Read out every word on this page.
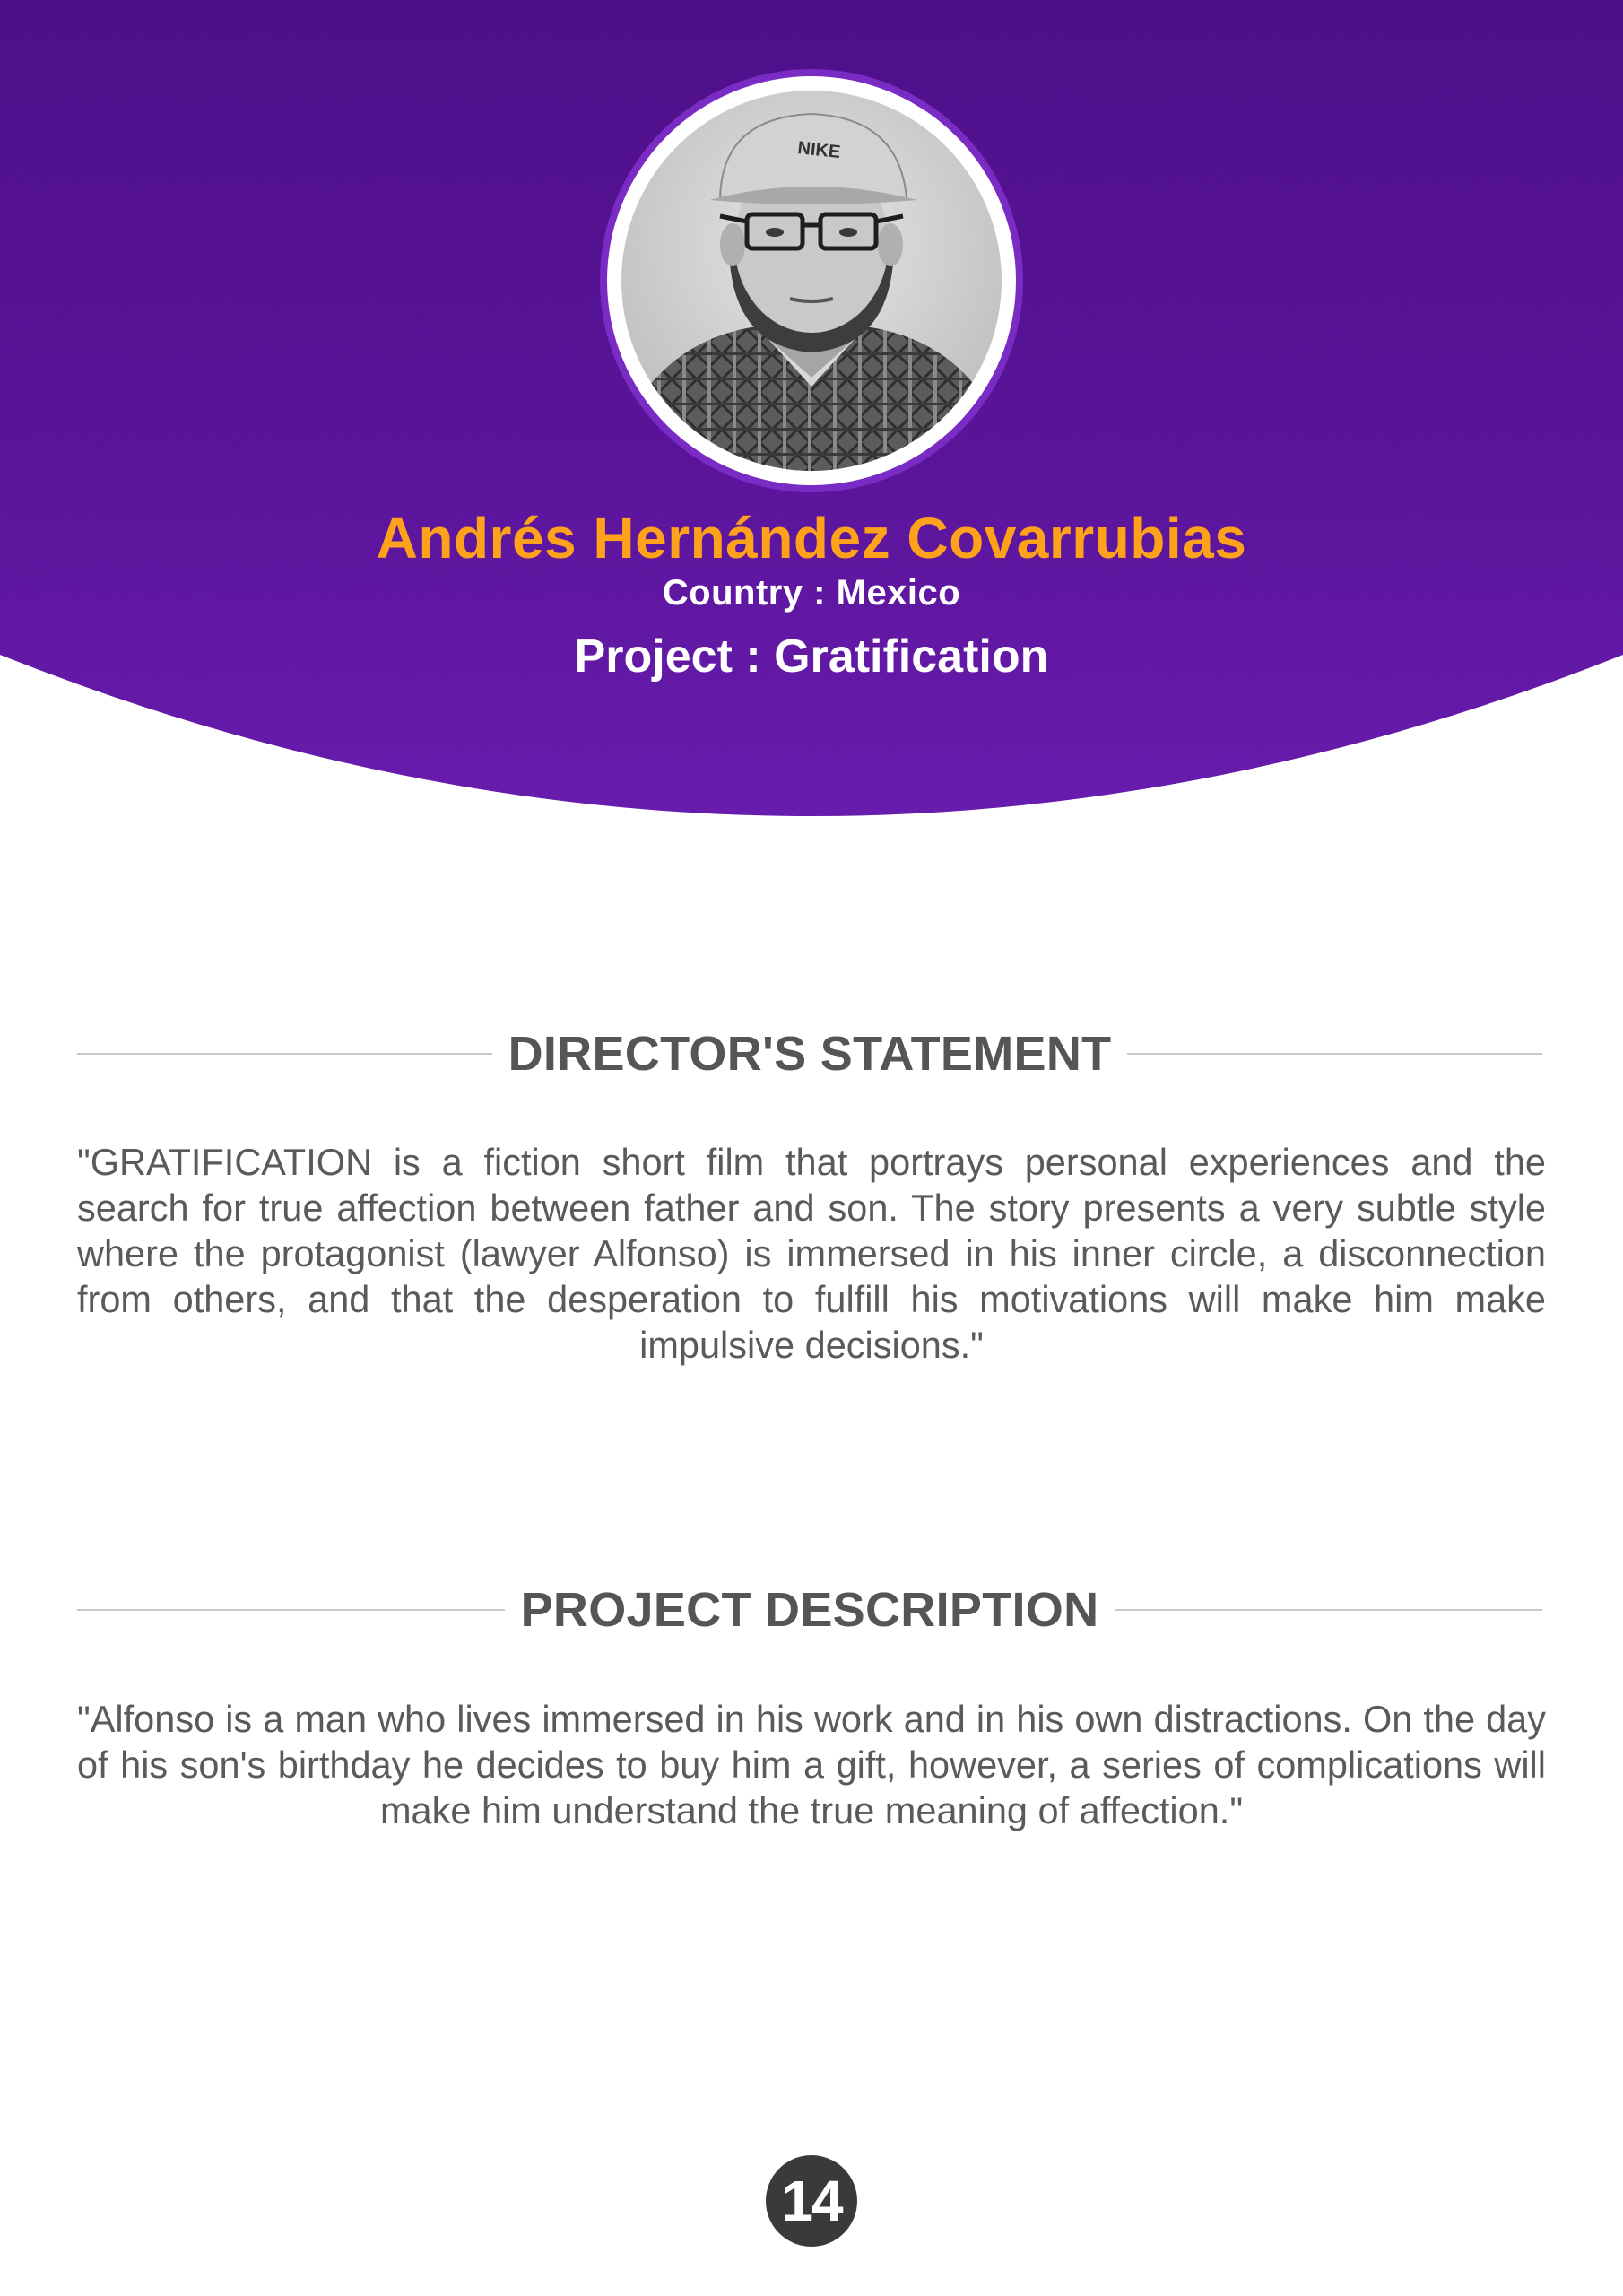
NIKE
Andrés Hernández Covarrubias
Country : Mexico
Project : Gratification
DIRECTOR'S STATEMENT
"GRATIFICATION is a fiction short film that portrays personal experiences and the search for true affection between father and son. The story presents a very subtle style where the protagonist (lawyer Alfonso) is immersed in his inner circle, a disconnection from others, and that the desperation to fulfill his motivations will make him make impulsive decisions."
PROJECT DESCRIPTION
"Alfonso is a man who lives immersed in his work and in his own distractions. On the day of his son's birthday he decides to buy him a gift, however, a series of complications will make him understand the true meaning of affection."
14
